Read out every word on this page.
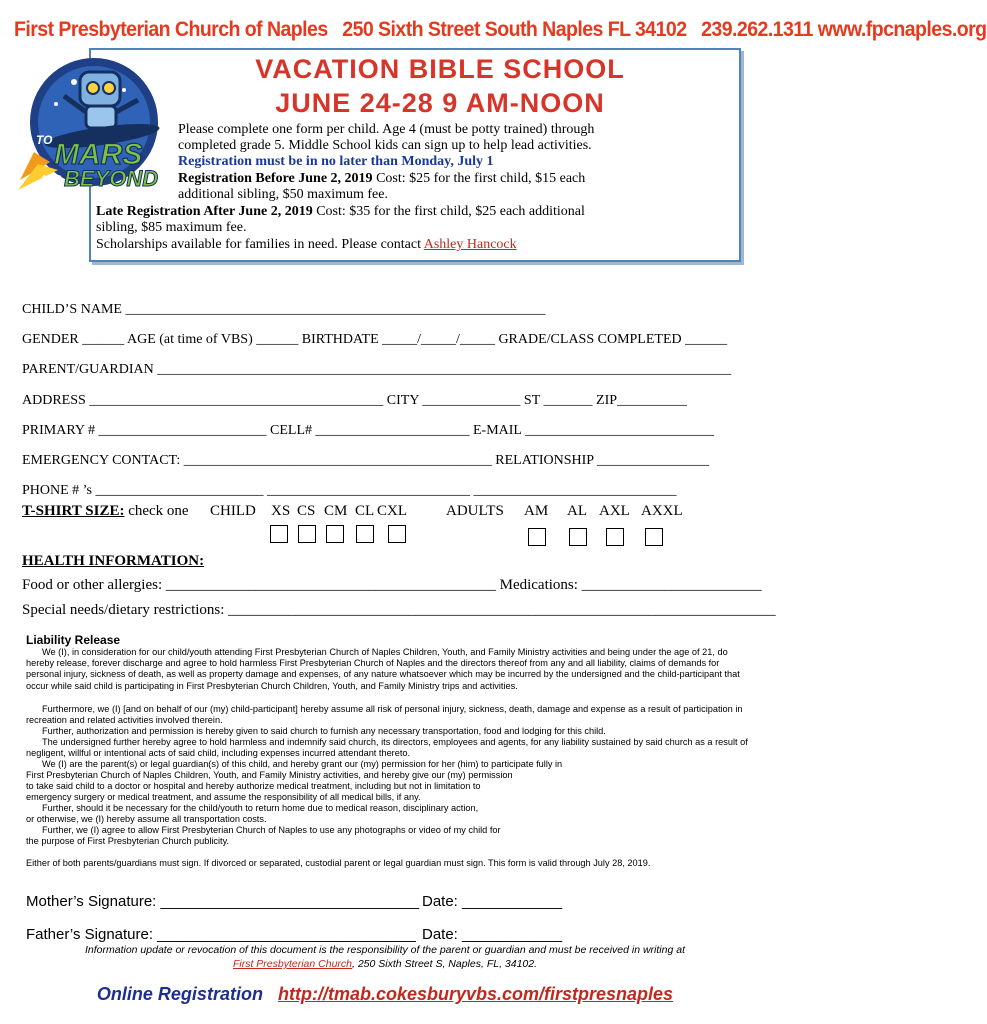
First Presbyterian Church of Naples 250 Sixth Street South Naples FL 34102 239.262.1311 www.fpcnaples.org
TO MARS
AND BEYOND
VACATION BIBLE SCHOOL
JUNE 24-28 9 AM-NOON
Please complete one form per child. Age 4 (must be potty trained) through
completed grade 5. Middle School kids can sign up to help lead activities.
Registration must be in no later than Monday, July 1
Registration Before June 2, 2019 Cost: $25 for the first child, $15 each
additional sibling, $50 maximum fee.
Late Registration After June 2, 2019 Cost: $35 for the first child, $25 each additional
sibling, $85 maximum fee.
Scholarships available for families in need. Please contact Ashley Hancock
CHILD’S NAME ____________________________________________________________
GENDER ______ AGE (at time of VBS) ______ BIRTHDATE _____/_____/_____ GRADE/CLASS COMPLETED ______
PARENT/GUARDIAN __________________________________________________________________________________
ADDRESS __________________________________________ CITY ______________ ST _______ ZIP__________
PRIMARY # ________________________ CELL# ______________________ E-MAIL ___________________________
EMERGENCY CONTACT: ____________________________________________ RELATIONSHIP ________________
PHONE # ’s ________________________ _____________________________ _____________________________
T-SHIRT SIZE: check one CHILD XS CS CM CL CXL	ADULTS AM AL AXL AXXL
HEALTH INFORMATION:
Food or other allergies: ____________________________________________ Medications: ________________________
Special needs/dietary restrictions: _________________________________________________________________________
Liability Release
We (I), in consideration for our child/youth attending First Presbyterian Church of Naples Children, Youth, and Family Ministry activities and being under the age of 21, do hereby release, forever discharge and agree to hold harmless First Presbyterian Church of Naples and the directors thereof from any and all liability, claims of demands for personal injury, sickness of death, as well as property damage and expenses, of any nature whatsoever which may be incurred by the undersigned and the child-participant that occur while said child is participating in First Presbyterian Church Children, Youth, and Family Ministry trips and activities.
Furthermore, we (I) [and on behalf of our (my) child-participant] hereby assume all risk of personal injury, sickness, death, damage and expense as a result of participation in recreation and related activities involved therein.
Further, authorization and permission is hereby given to said church to furnish any necessary transportation, food and lodging for this child.
The undersigned further hereby agree to hold harmless and indemnify said church, its directors, employees and agents, for any liability sustained by said church as a result of negligent, willful or intentional acts of said child, including expenses incurred attendant thereto.
We (I) are the parent(s) or legal guardian(s) of this child, and hereby grant our (my) permission for her (him) to participate fully in
First Presbyterian Church of Naples Children, Youth, and Family Ministry activities, and hereby give our (my) permission
to take said child to a doctor or hospital and hereby authorize medical treatment, including but not in limitation to
emergency surgery or medical treatment, and assume the responsibility of all medical bills, if any.
Further, should it be necessary for the child/youth to return home due to medical reason, disciplinary action,
or otherwise, we (I) hereby assume all transportation costs.
Further, we (I) agree to allow First Presbyterian Church of Naples to use any photographs or video of my child for
the purpose of First Presbyterian Church publicity.
Either of both parents/guardians must sign. If divorced or separated, custodial parent or legal guardian must sign. This form is valid through July 28, 2019.
Mother’s Signature: _______________________________ Date: ____________
Father’s Signature: _______________________________ Date: ____________
Information update or revocation of this document is the responsibility of the parent or guardian and must be received in writing at
First Presbyterian Church, 250 Sixth Street S, Naples, FL, 34102.
Online Registration http://tmab.cokesburyvbs.com/firstpresnaples
